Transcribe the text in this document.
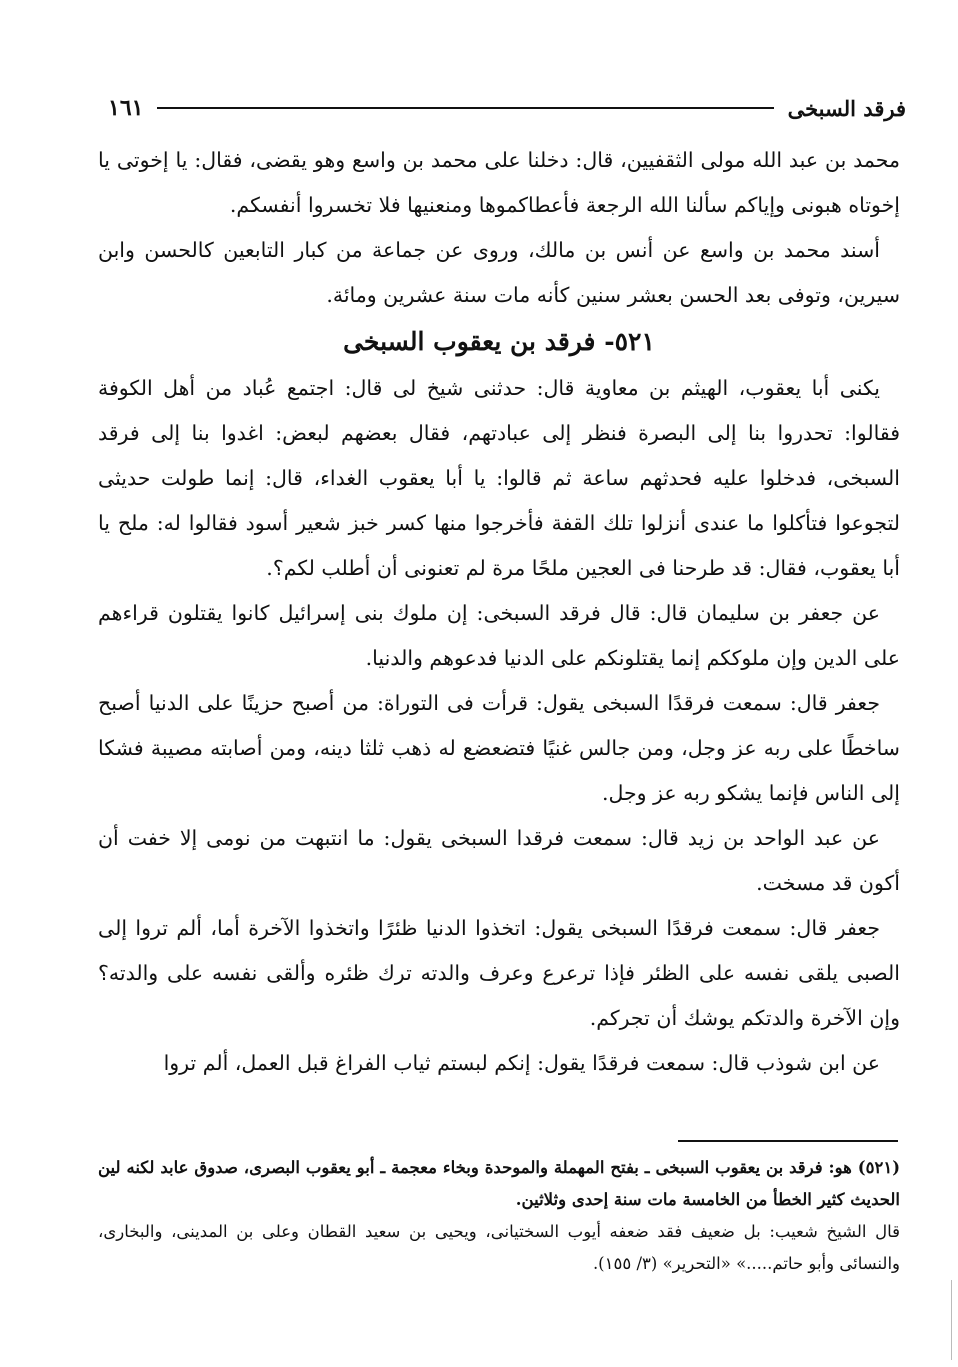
فرقد السبخى
١٦١

محمد بن عبد الله مولى الثقفيين، قال: دخلنا على محمد بن واسع وهو يقضى، فقال: يا إخوتى يا إخوتاه هبونى وإياكم سألنا الله الرجعة فأعطاكموها ومنعنيها فلا تخسروا أنفسكم.

أسند محمد بن واسع عن أنس بن مالك، وروى عن جماعة من كبار التابعين كالحسن وابن سيرين، وتوفى بعد الحسن بعشر سنين كأنه مات سنة عشرين ومائة.

٥٢١- فرقد بن يعقوب السبخى

يكنى أبا يعقوب، الهيثم بن معاوية قال: حدثنى شيخ لى قال: اجتمع عُباد من أهل الكوفة فقالوا: تحدروا بنا إلى البصرة فنظر إلى عبادتهم، فقال بعضهم لبعض: اغدوا بنا إلى فرقد السبخى، فدخلوا عليه فحدثهم ساعة ثم قالوا: يا أبا يعقوب الغداء، قال: إنما طولت حديثى لتجوعوا فتأكلوا ما عندى أنزلوا تلك القفة فأخرجوا منها كسر خبز شعير أسود فقالوا له: ملح يا أبا يعقوب، فقال: قد طرحنا فى العجين ملحًا مرة لم تعنونى أن أطلب لكم؟.

عن جعفر بن سليمان قال: قال فرقد السبخى: إن ملوك بنى إسرائيل كانوا يقتلون قراءهم على الدين وإن ملوككم إنما يقتلونكم على الدنيا فدعوهم والدنيا.

جعفر قال: سمعت فرقدًا السبخى يقول: قرأت فى التوراة: من أصبح حزينًا على الدنيا أصبح ساخطًا على ربه عز وجل، ومن جالس غنيًا فتضعضع له ذهب ثلثا دينه، ومن أصابته مصيبة فشكا إلى الناس فإنما يشكو ربه عز وجل.

عن عبد الواحد بن زيد قال: سمعت فرقدا السبخى يقول: ما انتبهت من نومى إلا خفت أن أكون قد مسخت.

جعفر قال: سمعت فرقدًا السبخى يقول: اتخذوا الدنيا ظئرًا واتخذوا الآخرة أما، ألم تروا إلى الصبى يلقى نفسه على الظئر فإذا ترعرع وعرف والدته ترك ظئره وألقى نفسه على والدته؟ وإن الآخرة والدتكم يوشك أن تجركم.

عن ابن شوذب قال: سمعت فرقدًا يقول: إنكم لبستم ثياب الفراغ قبل العمل، ألم تروا

(٥٢١) هو: فرقد بن يعقوب السبخى ـ بفتح المهملة والموحدة وبخاء معجمة ـ أبو يعقوب البصرى، صدوق عابد لكنه لين الحديث كثير الخطأ من الخامسة مات سنة إحدى وثلاثين.

قال الشيخ شعيب: بل ضعيف فقد ضعفه أيوب السختيانى، ويحيى بن سعيد القطان وعلى بن المدينى، والبخارى، والنسائى وأبو حاتم.....» «التحرير» (٣/ ١٥٥).
